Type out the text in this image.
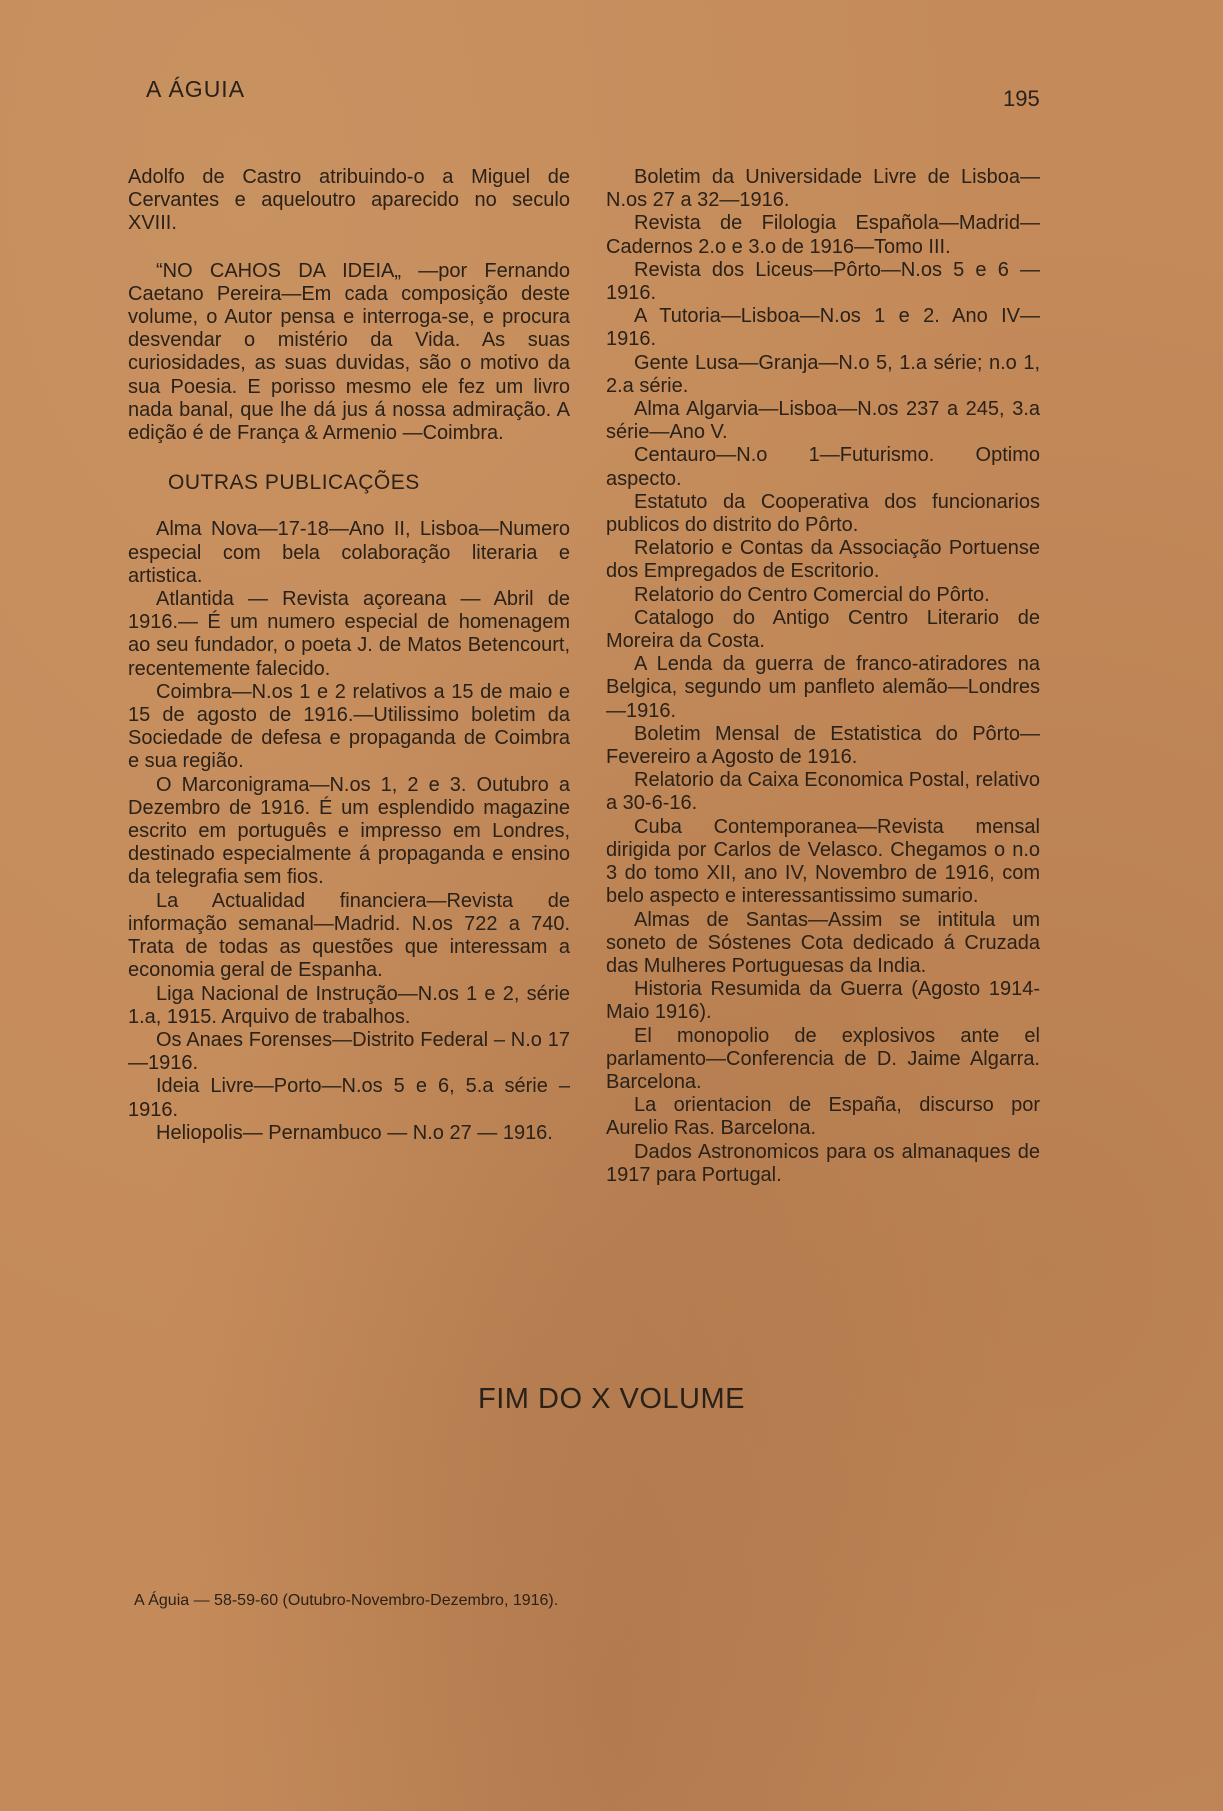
A ÁGUIA	195

Adolfo de Castro atribuindo-o a Miguel de Cervantes e aqueloutro aparecido no seculo XVIII.

“NO CAHOS DA IDEIA„ —por Fernando Caetano Pereira—Em cada composição deste volume, o Autor pensa e interroga-se, e procura desvendar o mistério da Vida. As suas curiosidades, as suas duvidas, são o motivo da sua Poesia. E porisso mesmo ele fez um livro nada banal, que lhe dá jus á nossa admiração. A edição é de França & Armenio —Coimbra.

OUTRAS PUBLICAÇÕES

Alma Nova—17-18—Ano II, Lisboa—Numero especial com bela colaboração literaria e artistica.

Atlantida — Revista açoreana — Abril de 1916.— É um numero especial de homenagem ao seu fundador, o poeta J. de Matos Betencourt, recentemente falecido.

Coimbra—N.os 1 e 2 relativos a 15 de maio e 15 de agosto de 1916.—Utilissimo boletim da Sociedade de defesa e propaganda de Coimbra e sua região.

O Marconigrama—N.os 1, 2 e 3. Outubro a Dezembro de 1916. É um esplendido magazine escrito em português e impresso em Londres, destinado especialmente á propaganda e ensino da telegrafia sem fios.

La Actualidad financiera—Revista de informação semanal—Madrid. N.os 722 a 740. Trata de todas as questões que interessam a economia geral de Espanha.

Liga Nacional de Instrução—N.os 1 e 2, série 1.a, 1915. Arquivo de trabalhos.

Os Anaes Forenses—Distrito Federal – N.o 17—1916.

Ideia Livre—Porto—N.os 5 e 6, 5.a série –1916.

Heliopolis— Pernambuco — N.o 27 — 1916.

Boletim da Universidade Livre de Lisboa—N.os 27 a 32—1916.

Revista de Filologia Española—Madrid— Cadernos 2.o e 3.o de 1916—Tomo III.

Revista dos Liceus—Pôrto—N.os 5 e 6 —1916.

A Tutoria—Lisboa—N.os 1 e 2. Ano IV—1916.

Gente Lusa—Granja—N.o 5, 1.a série; n.o 1, 2.a série.

Alma Algarvia—Lisboa—N.os 237 a 245, 3.a série—Ano V.

Centauro—N.o 1—Futurismo. Optimo aspecto.

Estatuto da Cooperativa dos funcionarios publicos do distrito do Pôrto.

Relatorio e Contas da Associação Portuense dos Empregados de Escritorio.

Relatorio do Centro Comercial do Pôrto.

Catalogo do Antigo Centro Literario de Moreira da Costa.

A Lenda da guerra de franco-atiradores na Belgica, segundo um panfleto alemão—Londres—1916.

Boletim Mensal de Estatistica do Pôrto—Fevereiro a Agosto de 1916.

Relatorio da Caixa Economica Postal, relativo a 30-6-16.

Cuba Contemporanea—Revista mensal dirigida por Carlos de Velasco. Chegamos o n.o 3 do tomo XII, ano IV, Novembro de 1916, com belo aspecto e interessantissimo sumario.

Almas de Santas—Assim se intitula um soneto de Sóstenes Cota dedicado á Cruzada das Mulheres Portuguesas da India.

Historia Resumida da Guerra (Agosto 1914-Maio 1916).

El monopolio de explosivos ante el parlamento—Conferencia de D. Jaime Algarra. Barcelona.

La orientacion de España, discurso por Aurelio Ras. Barcelona.

Dados Astronomicos para os almanaques de 1917 para Portugal.

FIM DO X VOLUME
A Águia — 58-59-60 (Outubro-Novembro-Dezembro, 1916).
